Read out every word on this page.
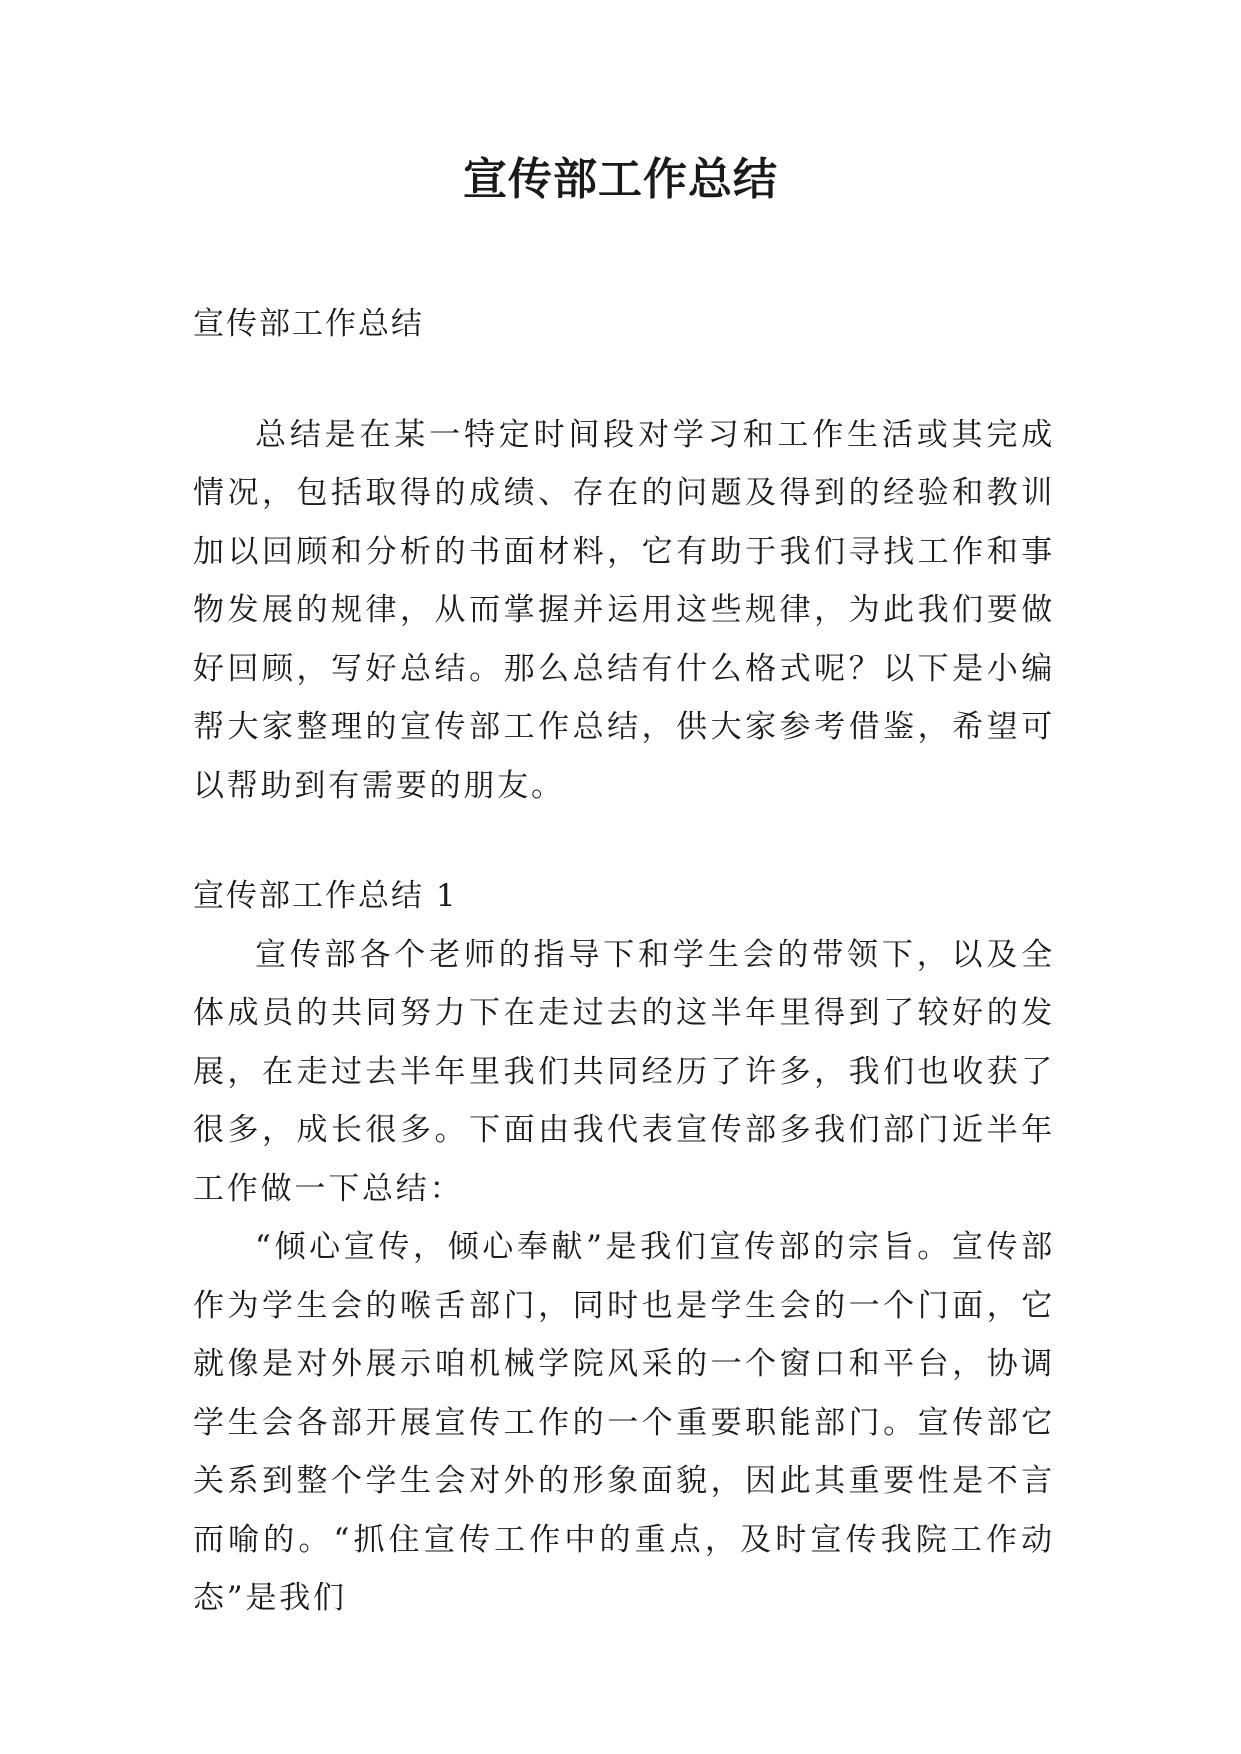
宣传部工作总结

宣传部工作总结

总结是在某一特定时间段对学习和工作生活或其完成情况，包括取得的成绩、存在的问题及得到的经验和教训加以回顾和分析的书面材料，它有助于我们寻找工作和事物发展的规律，从而掌握并运用这些规律，为此我们要做好回顾，写好总结。那么总结有什么格式呢？以下是小编帮大家整理的宣传部工作总结，供大家参考借鉴，希望可以帮助到有需要的朋友。

宣传部工作总结 1

宣传部各个老师的指导下和学生会的带领下，以及全体成员的共同努力下在走过去的这半年里得到了较好的发展，在走过去半年里我们共同经历了许多，我们也收获了很多，成长很多。下面由我代表宣传部多我们部门近半年工作做一下总结：

“倾心宣传，倾心奉献”是我们宣传部的宗旨。宣传部作为学生会的喉舌部门，同时也是学生会的一个门面，它就像是对外展示咱机械学院风采的一个窗口和平台，协调学生会各部开展宣传工作的一个重要职能部门。宣传部它关系到整个学生会对外的形象面貌，因此其重要性是不言而喻的。“抓住宣传工作中的重点，及时宣传我院工作动态”是我们
